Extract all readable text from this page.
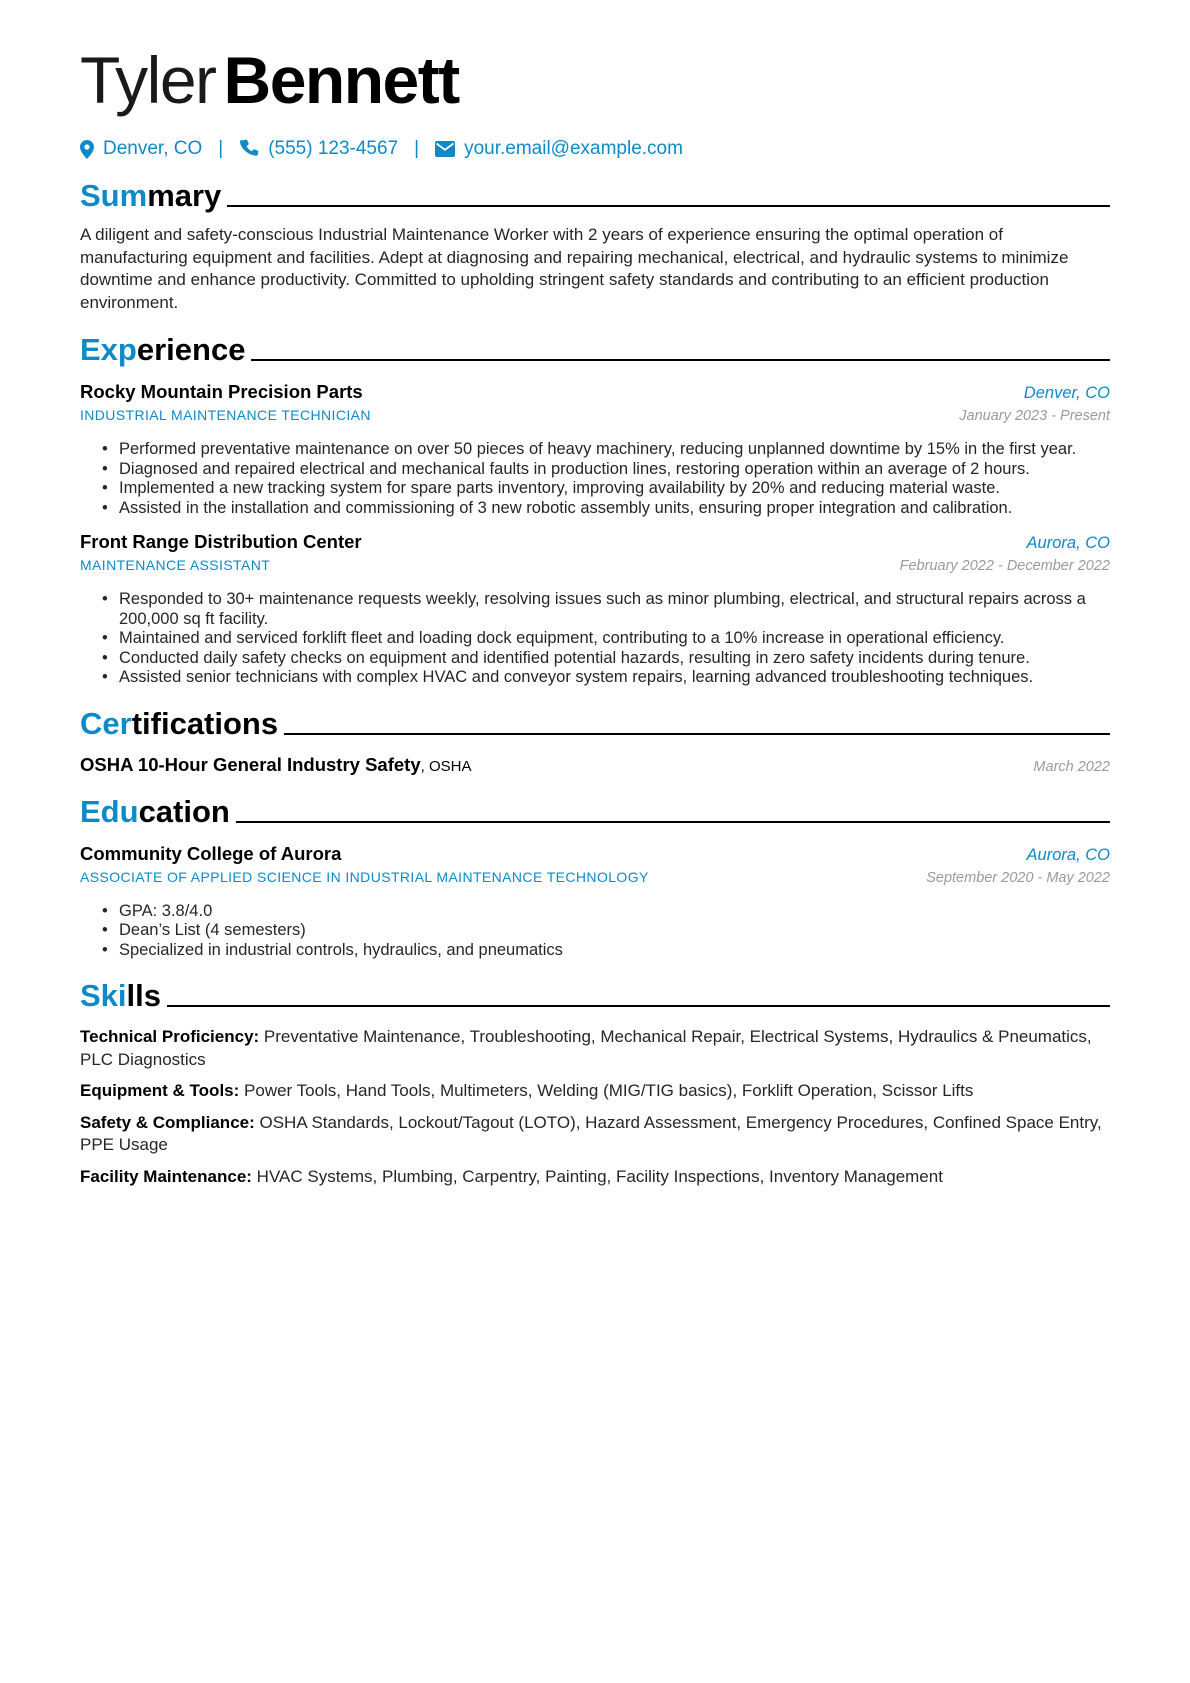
Tyler Bennett
Denver, CO | (555) 123-4567 | your.email@example.com
Summary
A diligent and safety-conscious Industrial Maintenance Worker with 2 years of experience ensuring the optimal operation of manufacturing equipment and facilities. Adept at diagnosing and repairing mechanical, electrical, and hydraulic systems to minimize downtime and enhance productivity. Committed to upholding stringent safety standards and contributing to an efficient production environment.
Experience
Rocky Mountain Precision Parts	Denver, CO
INDUSTRIAL MAINTENANCE TECHNICIAN	January 2023 - Present
• Performed preventative maintenance on over 50 pieces of heavy machinery, reducing unplanned downtime by 15% in the first year.
• Diagnosed and repaired electrical and mechanical faults in production lines, restoring operation within an average of 2 hours.
• Implemented a new tracking system for spare parts inventory, improving availability by 20% and reducing material waste.
• Assisted in the installation and commissioning of 3 new robotic assembly units, ensuring proper integration and calibration.
Front Range Distribution Center	Aurora, CO
MAINTENANCE ASSISTANT	February 2022 - December 2022
• Responded to 30+ maintenance requests weekly, resolving issues such as minor plumbing, electrical, and structural repairs across a 200,000 sq ft facility.
• Maintained and serviced forklift fleet and loading dock equipment, contributing to a 10% increase in operational efficiency.
• Conducted daily safety checks on equipment and identified potential hazards, resulting in zero safety incidents during tenure.
• Assisted senior technicians with complex HVAC and conveyor system repairs, learning advanced troubleshooting techniques.
Certifications
OSHA 10-Hour General Industry Safety, OSHA	March 2022
Education
Community College of Aurora	Aurora, CO
ASSOCIATE OF APPLIED SCIENCE IN INDUSTRIAL MAINTENANCE TECHNOLOGY	September 2020 - May 2022
• GPA: 3.8/4.0
• Dean’s List (4 semesters)
• Specialized in industrial controls, hydraulics, and pneumatics
Skills
Technical Proficiency: Preventative Maintenance, Troubleshooting, Mechanical Repair, Electrical Systems, Hydraulics & Pneumatics, PLC Diagnostics
Equipment & Tools: Power Tools, Hand Tools, Multimeters, Welding (MIG/TIG basics), Forklift Operation, Scissor Lifts
Safety & Compliance: OSHA Standards, Lockout/Tagout (LOTO), Hazard Assessment, Emergency Procedures, Confined Space Entry, PPE Usage
Facility Maintenance: HVAC Systems, Plumbing, Carpentry, Painting, Facility Inspections, Inventory Management
